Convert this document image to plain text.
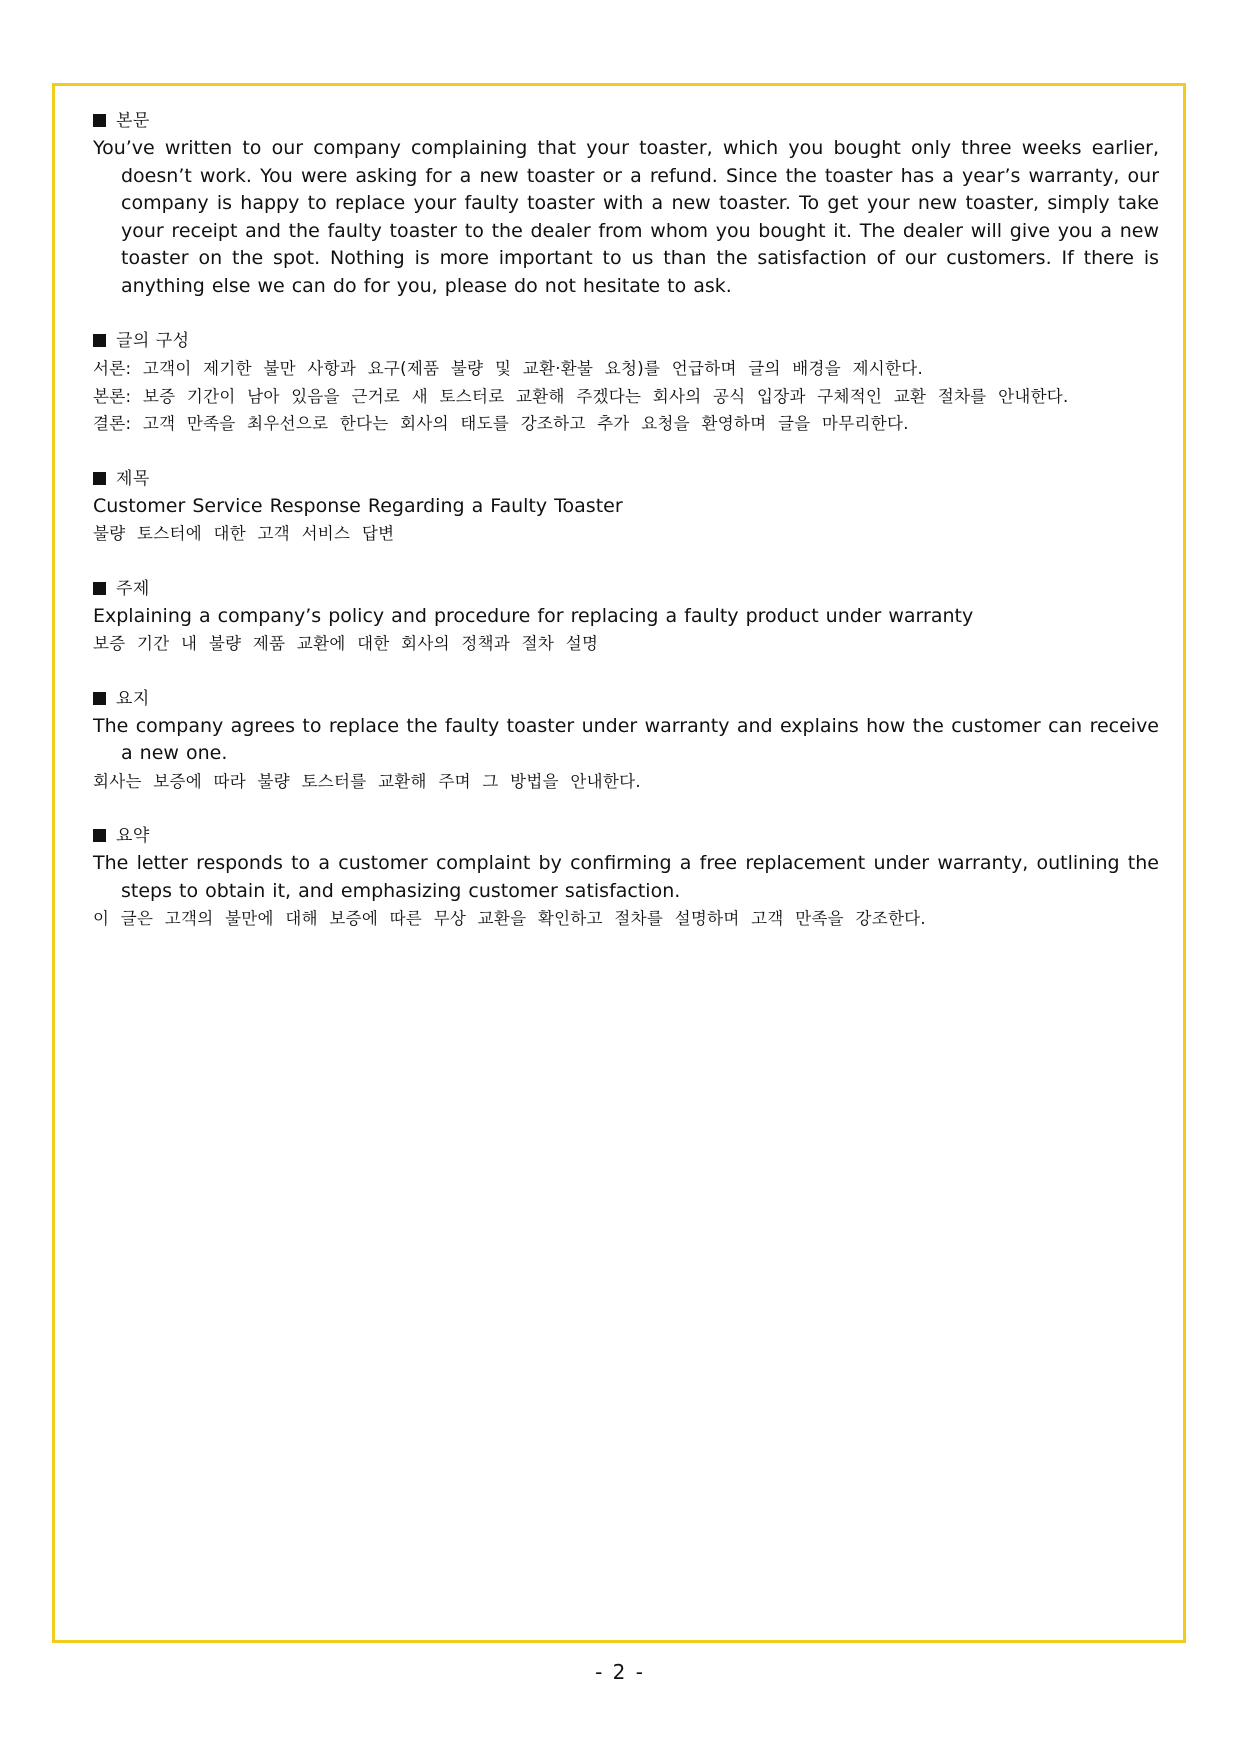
본문
You’ve written to our company complaining that your toaster, which you bought only three weeks earlier, doesn’t work. You were asking for a new toaster or a refund. Since the toaster has a year’s warranty, our company is happy to replace your faulty toaster with a new toaster. To get your new toaster, simply take your receipt and the faulty toaster to the dealer from whom you bought it. The dealer will give you a new toaster on the spot. Nothing is more important to us than the satisfaction of our customers. If there is anything else we can do for you, please do not hesitate to ask.
글의 구성
서론: 고객이 제기한 불만 사항과 요구(제품 불량 및 교환·환불 요청)를 언급하며 글의 배경을 제시한다.
본론: 보증 기간이 남아 있음을 근거로 새 토스터로 교환해 주겠다는 회사의 공식 입장과 구체적인 교환 절차를 안내한다.
결론: 고객 만족을 최우선으로 한다는 회사의 태도를 강조하고 추가 요청을 환영하며 글을 마무리한다.
제목
Customer Service Response Regarding a Faulty Toaster
불량 토스터에 대한 고객 서비스 답변
주제
Explaining a company’s policy and procedure for replacing a faulty product under warranty
보증 기간 내 불량 제품 교환에 대한 회사의 정책과 절차 설명
요지
The company agrees to replace the faulty toaster under warranty and explains how the customer can receive a new one.
회사는 보증에 따라 불량 토스터를 교환해 주며 그 방법을 안내한다.
요약
The letter responds to a customer complaint by confirming a free replacement under warranty, outlining the steps to obtain it, and emphasizing customer satisfaction.
이 글은 고객의 불만에 대해 보증에 따른 무상 교환을 확인하고 절차를 설명하며 고객 만족을 강조한다.
- 2 -
